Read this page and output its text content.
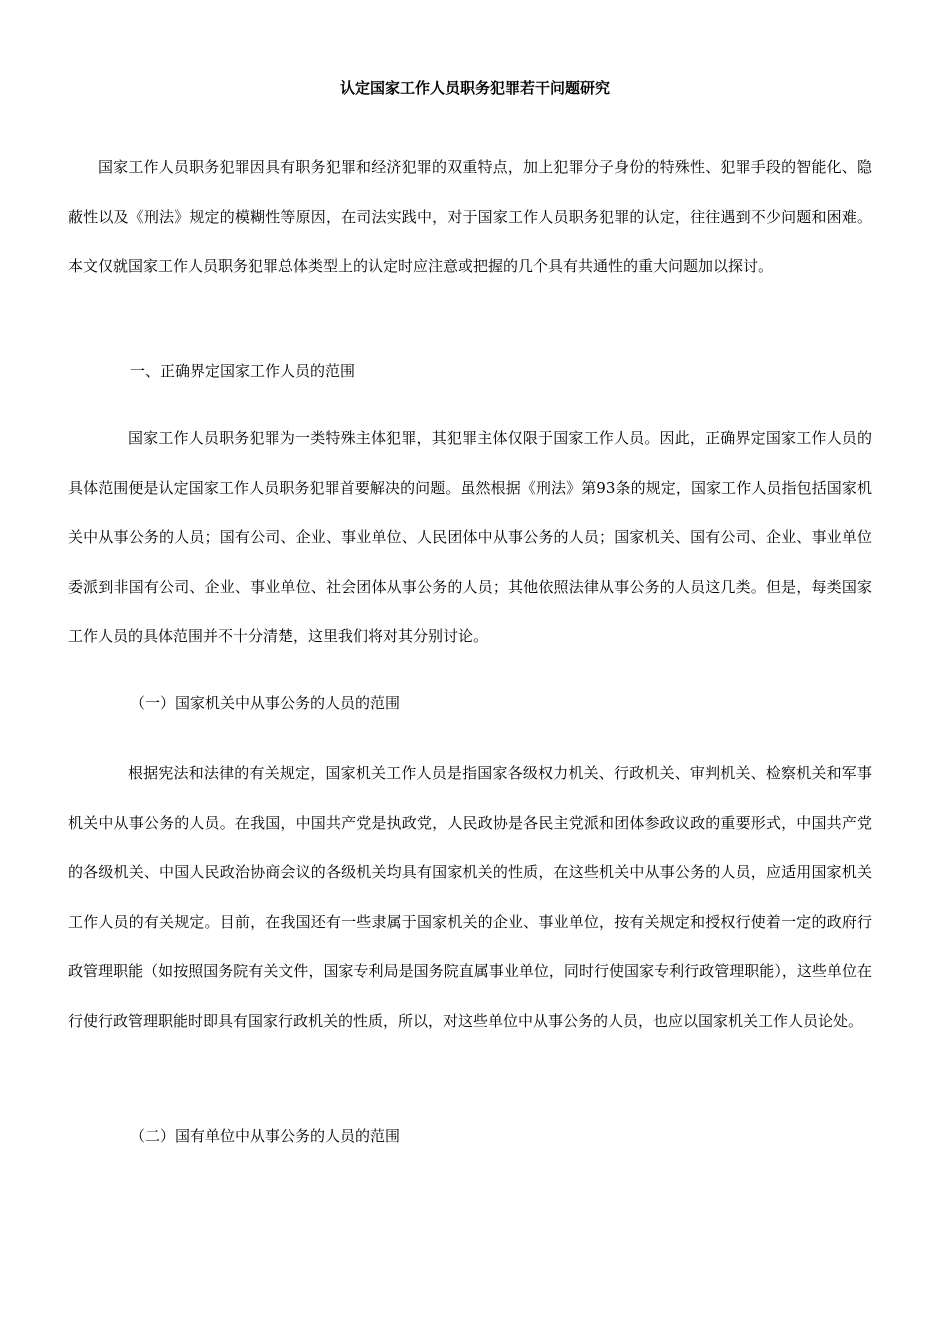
认定国家工作人员职务犯罪若干问题研究

国家工作人员职务犯罪因具有职务犯罪和经济犯罪的双重特点，加上犯罪分子身份的特殊性、犯罪手段的智能化、隐蔽性以及《刑法》规定的模糊性等原因，在司法实践中，对于国家工作人员职务犯罪的认定，往往遇到不少问题和困难。本文仅就国家工作人员职务犯罪总体类型上的认定时应注意或把握的几个具有共通性的重大问题加以探讨。

一、正确界定国家工作人员的范围

国家工作人员职务犯罪为一类特殊主体犯罪，其犯罪主体仅限于国家工作人员。因此，正确界定国家工作人员的具体范围便是认定国家工作人员职务犯罪首要解决的问题。虽然根据《刑法》第93条的规定，国家工作人员指包括国家机关中从事公务的人员；国有公司、企业、事业单位、人民团体中从事公务的人员；国家机关、国有公司、企业、事业单位委派到非国有公司、企业、事业单位、社会团体从事公务的人员；其他依照法律从事公务的人员这几类。但是，每类国家工作人员的具体范围并不十分清楚，这里我们将对其分别讨论。

（一）国家机关中从事公务的人员的范围

根据宪法和法律的有关规定，国家机关工作人员是指国家各级权力机关、行政机关、审判机关、检察机关和军事机关中从事公务的人员。在我国，中国共产党是执政党，人民政协是各民主党派和团体参政议政的重要形式，中国共产党的各级机关、中国人民政治协商会议的各级机关均具有国家机关的性质，在这些机关中从事公务的人员，应适用国家机关工作人员的有关规定。目前，在我国还有一些隶属于国家机关的企业、事业单位，按有关规定和授权行使着一定的政府行政管理职能（如按照国务院有关文件，国家专利局是国务院直属事业单位，同时行使国家专利行政管理职能），这些单位在行使行政管理职能时即具有国家行政机关的性质，所以，对这些单位中从事公务的人员，也应以国家机关工作人员论处。

（二）国有单位中从事公务的人员的范围
